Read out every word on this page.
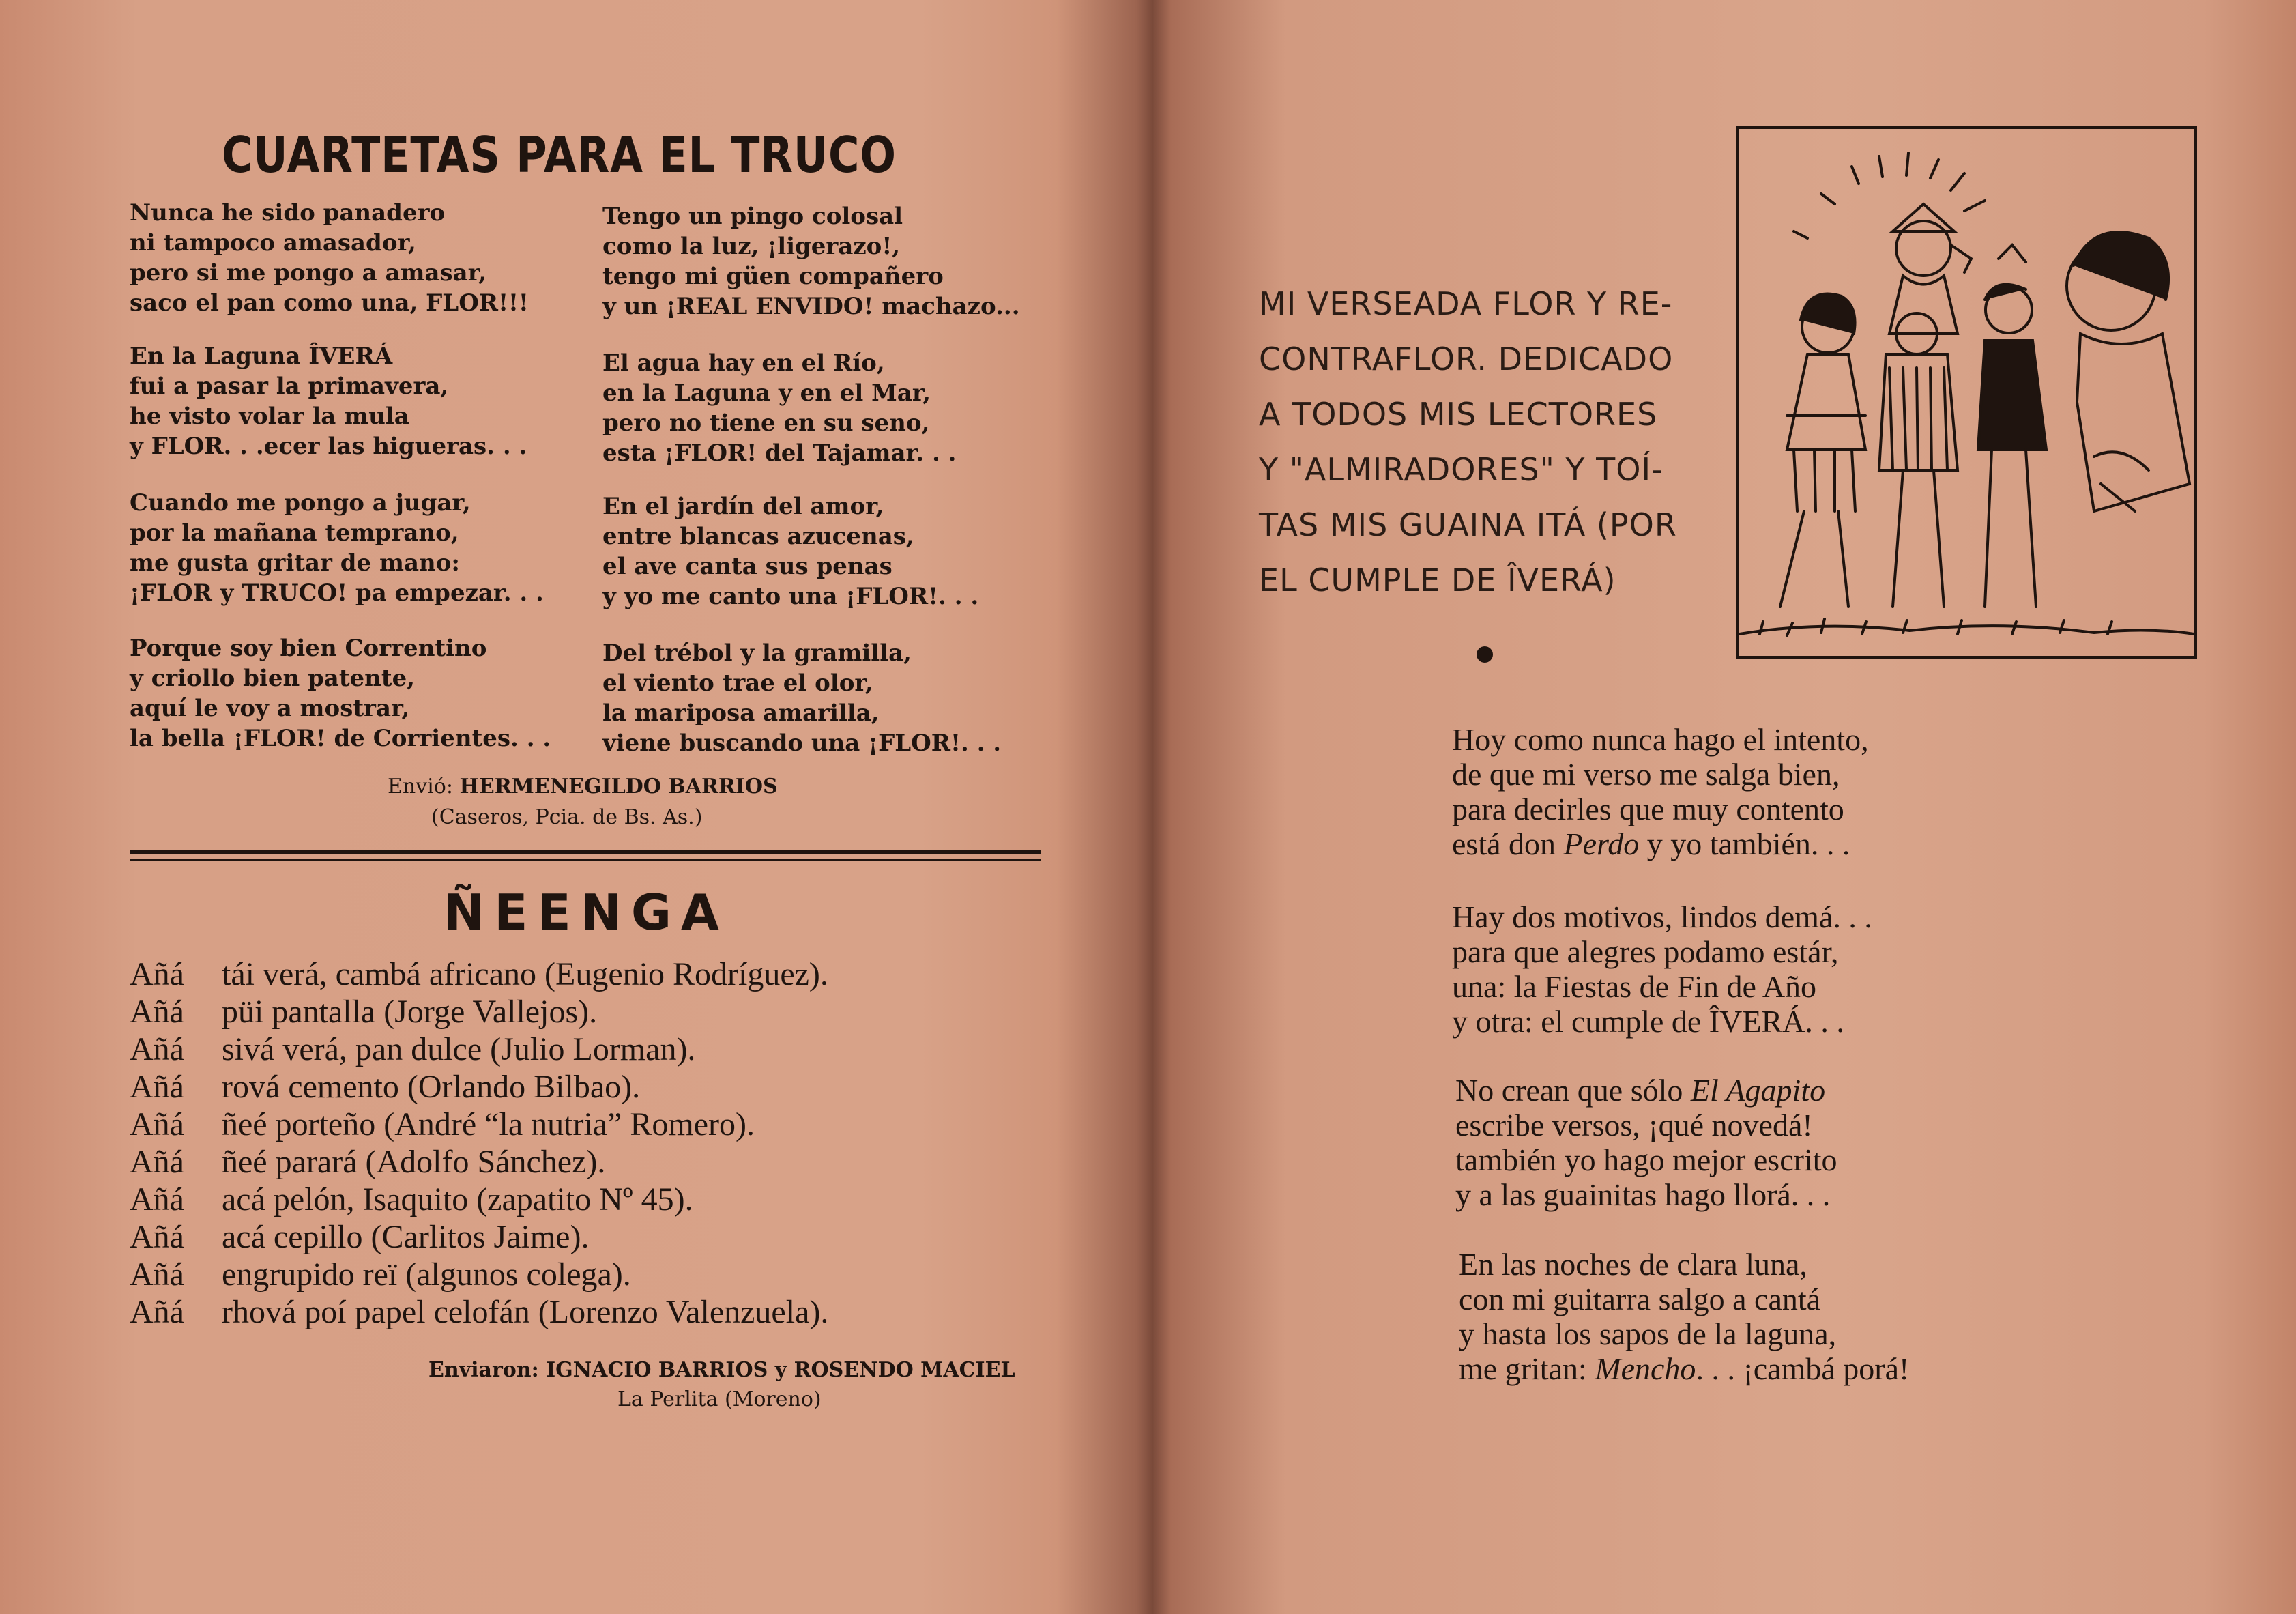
CUARTETAS PARA EL TRUCO
Nunca he sido panadero
ni tampoco amasador,
pero si me pongo a amasar,
saco el pan como una, FLOR!!!
En la Laguna ÎVERÁ
fui a pasar la primavera,
he visto volar la mula
y FLOR. . .ecer las higueras. . .
Cuando me pongo a jugar,
por la mañana temprano,
me gusta gritar de mano:
¡FLOR y TRUCO! pa empezar. . .
Porque soy bien Correntino
y criollo bien patente,
aquí le voy a mostrar,
la bella ¡FLOR! de Corrientes. . .
Tengo un pingo colosal
como la luz, ¡ligerazo!,
tengo mi güen compañero
y un ¡REAL ENVIDO! machazo...
El agua hay en el Río,
en la Laguna y en el Mar,
pero no tiene en su seno,
esta ¡FLOR! del Tajamar. . .
En el jardín del amor,
entre blancas azucenas,
el ave canta sus penas
y yo me canto una ¡FLOR!. . .
Del trébol y la gramilla,
el viento trae el olor,
la mariposa amarilla,
viene buscando una ¡FLOR!. . .
Envió: HERMENEGILDO BARRIOS
(Caseros, Pcia. de Bs. As.)
ÑEENGA
Añá	tái verá, cambá africano (Eugenio Rodríguez).
Añá	püi pantalla (Jorge Vallejos).
Añá	sivá verá, pan dulce (Julio Lorman).
Añá	rová cemento (Orlando Bilbao).
Añá	ñeé porteño (André “la nutria” Romero).
Añá	ñeé parará (Adolfo Sánchez).
Añá	acá pelón, Isaquito (zapatito Nº 45).
Añá	acá cepillo (Carlitos Jaime).
Añá	engrupido reï (algunos colega).
Añá	rhová poí papel celofán (Lorenzo Valenzuela).
Enviaron: IGNACIO BARRIOS y ROSENDO MACIEL
La Perlita (Moreno)
MI VERSEADA FLOR Y RE-
CONTRAFLOR. DEDICADO
A TODOS MIS LECTORES
Y "ALMIRADORES" Y TOÍ-
TAS MIS GUAINA ITÁ (POR
EL CUMPLE DE ÎVERÁ)
Hoy como nunca hago el intento,
de que mi verso me salga bien,
para decirles que muy contento
está don Perdo y yo también. . .
Hay dos motivos, lindos demá. . .
para que alegres podamo estár,
una: la Fiestas de Fin de Año
y otra: el cumple de ÎVERÁ. . .
No crean que sólo El Agapito
escribe versos, ¡qué novedá!
también yo hago mejor escrito
y a las guainitas hago llorá. . .
En las noches de clara luna,
con mi guitarra salgo a cantá
y hasta los sapos de la laguna,
me gritan: Mencho. . . ¡cambá porá!
